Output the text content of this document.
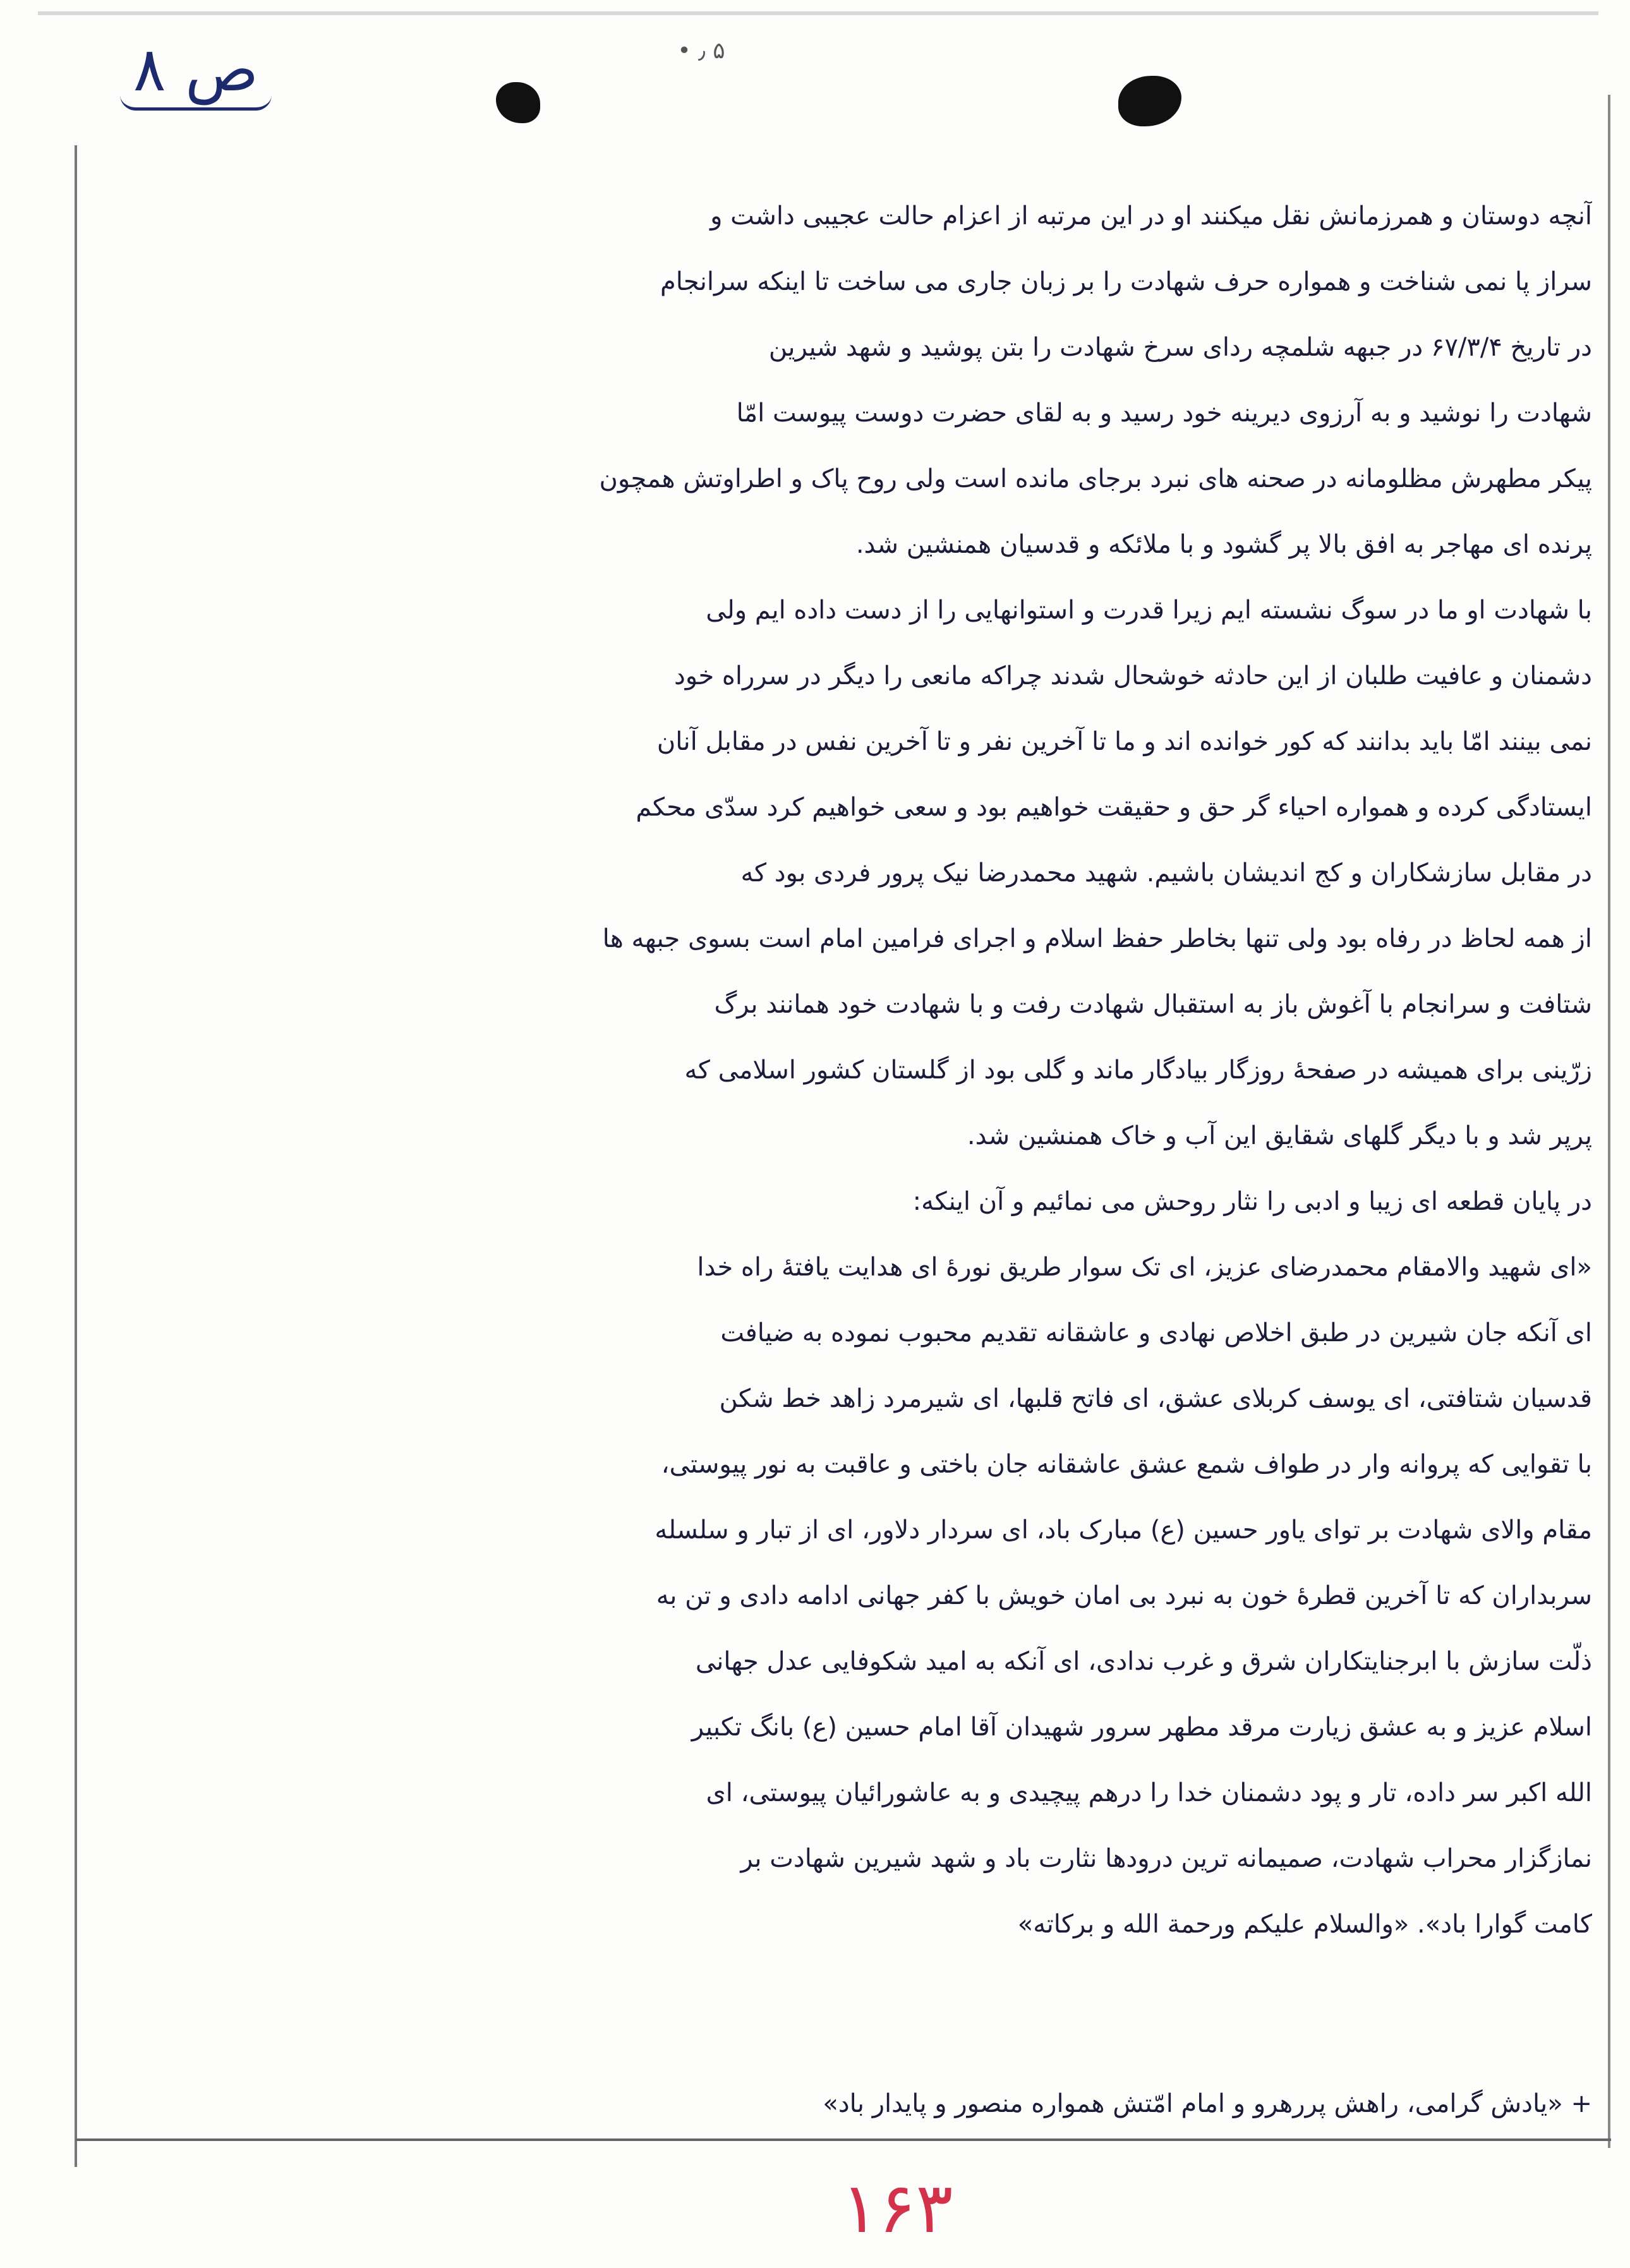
ص ۸	• ٫ ۵
آنچه دوستان و همرزمانش نقل میکنند او در این مرتبه از اعزام حالت عجیبی داشت و
سراز پا نمی شناخت و همواره حرف شهادت را بر زبان جاری می ساخت تا اینکه سرانجام
در تاریخ ۶۷/۳/۴ در جبهه شلمچه ردای سرخ شهادت را بتن پوشید و شهد شیرین
شهادت را نوشید و به آرزوی دیرینه خود رسید و به لقای حضرت دوست پیوست امّا
پیکر مطهرش مظلومانه در صحنه های نبرد برجای مانده است ولی روح پاک و اطراوتش همچون
پرنده ای مهاجر به افق بالا پر گشود و با ملائکه و قدسیان همنشین شد.
با شهادت او ما در سوگ نشسته ایم زیرا قدرت و استوانهایی را از دست داده ایم ولی
دشمنان و عافیت طلبان از این حادثه خوشحال شدند چراکه مانعی را دیگر در سرراه خود
نمی بینند امّا باید بدانند که کور خوانده اند و ما تا آخرین نفر و تا آخرین نفس در مقابل آنان
ایستادگی کرده و همواره احیاء گر حق و حقیقت خواهیم بود و سعی خواهیم کرد سدّی محکم
در مقابل سازشکاران و کج اندیشان باشیم. شهید محمدرضا نیک پرور فردی بود که
از همه لحاظ در رفاه بود ولی تنها بخاطر حفظ اسلام و اجرای فرامین امام است بسوی جبهه ها
شتافت و سرانجام با آغوش باز به استقبال شهادت رفت و با شهادت خود همانند برگ
زرّینی برای همیشه در صفحهٔ روزگار بیادگار ماند و گلی بود از گلستان کشور اسلامی که
پرپر شد و با دیگر گلهای شقایق این آب و خاک همنشین شد.
در پایان قطعه ای زیبا و ادبی را نثار روحش می نمائیم و آن اینکه:
«ای شهید والامقام محمدرضای عزیز، ای تک سوار طریق نورهٔ ای هدایت یافتهٔ راه خدا
ای آنکه جان شیرین در طبق اخلاص نهادی و عاشقانه تقدیم محبوب نموده به ضیافت
قدسیان شتافتی، ای یوسف کربلای عشق، ای فاتح قلبها، ای شیرمرد زاهد خط شکن
با تقوایی که پروانه وار در طواف شمع عشق عاشقانه جان باختی و عاقبت به نور پیوستی،
مقام والای شهادت بر توای یاور حسین (ع) مبارک باد، ای سردار دلاور، ای از تبار و سلسله
سربداران که تا آخرین قطرهٔ خون به نبرد بی امان خویش با کفر جهانی ادامه دادی و تن به
ذلّت سازش با ابرجنایتکاران شرق و غرب ندادی، ای آنکه به امید شکوفایی عدل جهانی
اسلام عزیز و به عشق زیارت مرقد مطهر سرور شهیدان آقا امام حسین (ع) بانگ تکبیر
الله اکبر سر داده، تار و پود دشمنان خدا را درهم پیچیدی و به عاشورائیان پیوستی، ای
نمازگزار محراب شهادت، صمیمانه ترین درودها نثارت باد و شهد شیرین شهادت بر
کامت گوارا باد». «والسلام علیکم ورحمة الله و برکاته»
+ «یادش گرامی، راهش پررهرو و امام امّتش همواره منصور و پایدار باد»
۱۶۳
